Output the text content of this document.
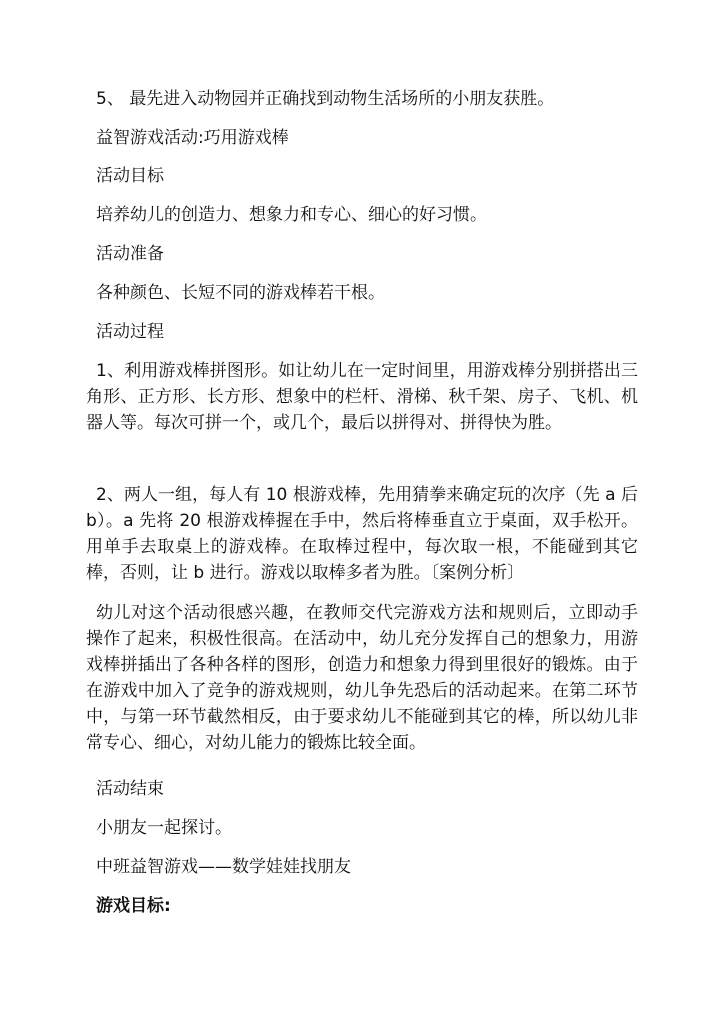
5、 最先进入动物园并正确找到动物生活场所的小朋友获胜。
益智游戏活动:巧用游戏棒
活动目标
培养幼儿的创造力、想象力和专心、细心的好习惯。
活动准备
各种颜色、长短不同的游戏棒若干根。
活动过程
1、利用游戏棒拼图形。如让幼儿在一定时间里，用游戏棒分别拼搭出三角形、正方形、长方形、想象中的栏杆、滑梯、秋千架、房子、飞机、机器人等。每次可拼一个，或几个，最后以拼得对、拼得快为胜。
2、两人一组，每人有 10 根游戏棒，先用猜拳来确定玩的次序（先 a 后 b）。a 先将 20 根游戏棒握在手中，然后将棒垂直立于桌面，双手松开。用单手去取桌上的游戏棒。在取棒过程中，每次取一根，不能碰到其它棒，否则，让 b 进行。游戏以取棒多者为胜。〔案例分析〕
幼儿对这个活动很感兴趣，在教师交代完游戏方法和规则后，立即动手操作了起来，积极性很高。在活动中，幼儿充分发挥自己的想象力，用游戏棒拼插出了各种各样的图形，创造力和想象力得到里很好的锻炼。由于在游戏中加入了竞争的游戏规则，幼儿争先恐后的活动起来。在第二环节中，与第一环节截然相反，由于要求幼儿不能碰到其它的棒，所以幼儿非常专心、细心，对幼儿能力的锻炼比较全面。
活动结束
小朋友一起探讨。
中班益智游戏——数学娃娃找朋友
游戏目标:
